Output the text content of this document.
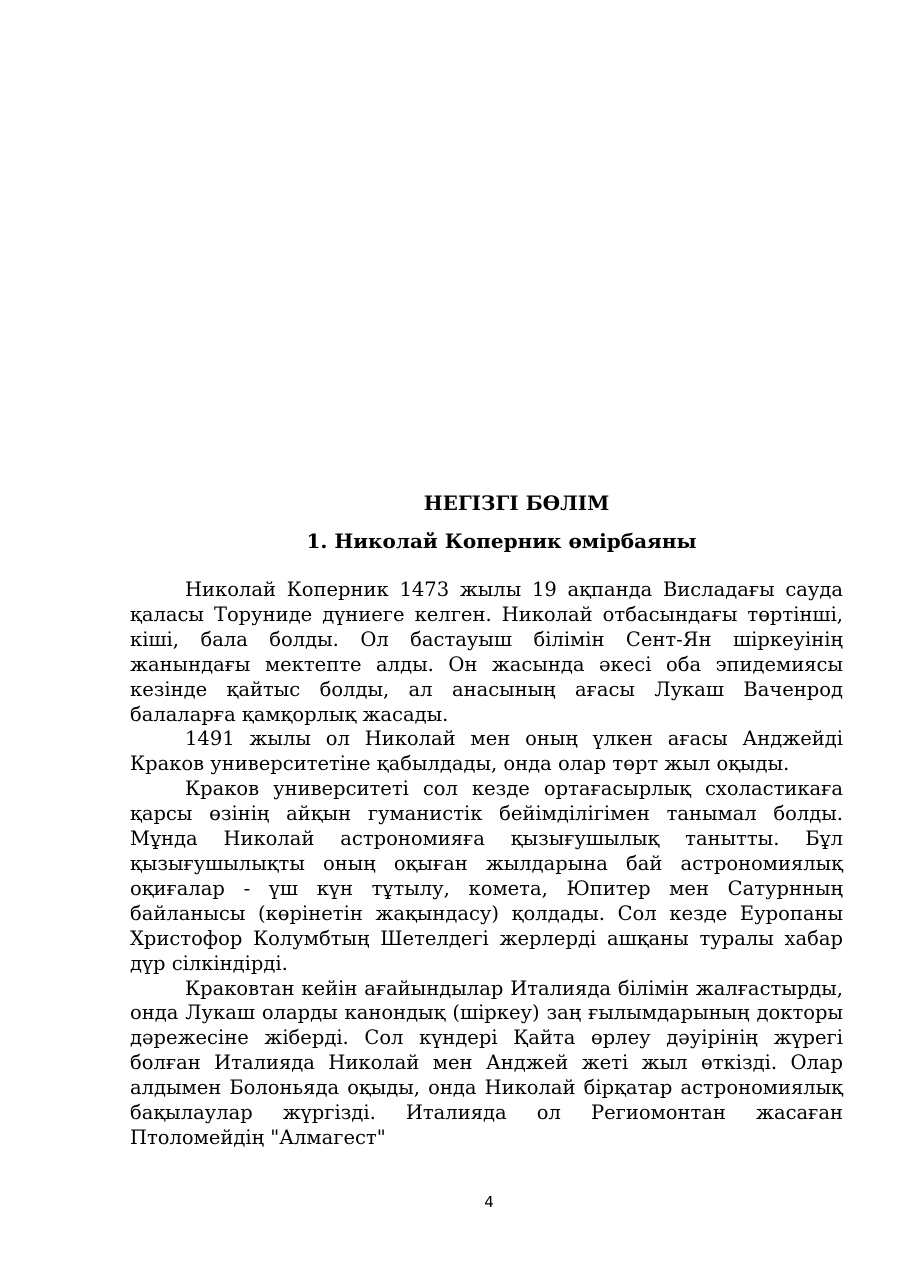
НЕГІЗГІ БӨЛІМ
1. Николай Коперник өмірбаяны

Николай Коперник 1473 жылы 19 ақпанда Висладағы сауда қаласы Торуниде дүниеге келген. Николай отбасындағы төртінші, кіші, бала болды. Ол бастауыш білімін Сент-Ян шіркеуінің жанындағы мектепте алды. Он жасында әкесі оба эпидемиясы кезінде қайтыс болды, ал анасының ағасы Лукаш Ваченрод балаларға қамқорлық жасады.

1491 жылы ол Николай мен оның үлкен ағасы Анджейді Краков университетіне қабылдады, онда олар төрт жыл оқыды.

Краков университеті сол кезде ортағасырлық схоластикаға қарсы өзінің айқын гуманистік бейімділігімен танымал болды. Мұнда Николай астрономияға қызығушылық танытты. Бұл қызығушылықты оның оқыған жылдарына бай астрономиялық оқиғалар - үш күн тұтылу, комета, Юпитер мен Сатурнның байланысы (көрінетін жақындасу) қолдады. Сол кезде Еуропаны Христофор Колумбтың Шетелдегі жерлерді ашқаны туралы хабар дүр сілкіндірді.

Краковтан кейін ағайындылар Италияда білімін жалғастырды, онда Лукаш оларды канондық (шіркеу) заң ғылымдарының докторы дәрежесіне жіберді. Сол күндері Қайта өрлеу дәуірінің жүрегі болған Италияда Николай мен Анджей жеті жыл өткізді. Олар алдымен Болоньяда оқыды, онда Николай бірқатар астрономиялық бақылаулар жүргізді. Италияда ол Региомонтан жасаған Птоломейдің "Алмагест"

4
